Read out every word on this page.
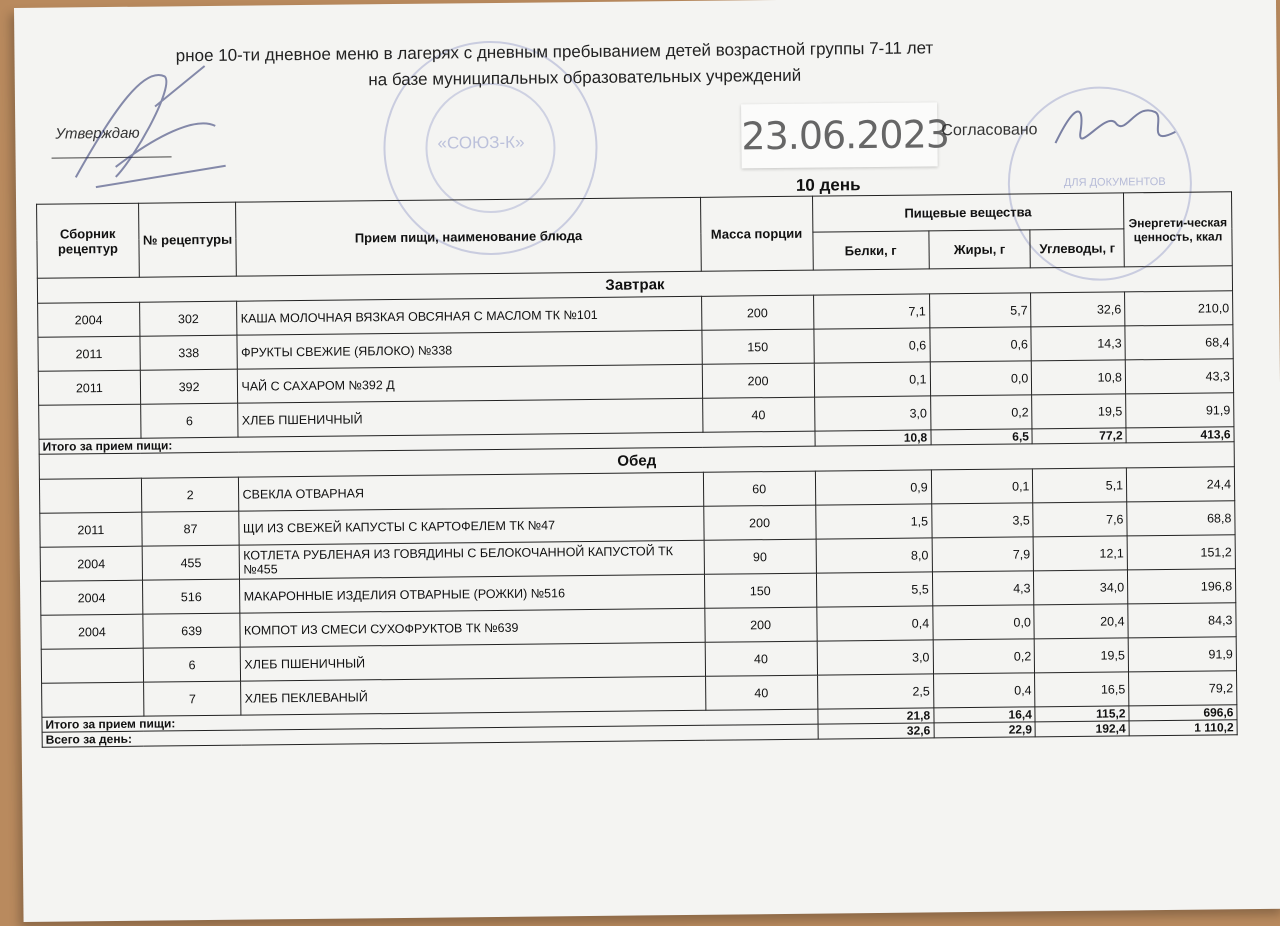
«СОЮЗ-К»
ДЛЯ ДОКУМЕНТОВ
рное 10-ти дневное меню в лагерях с дневным пребыванием детей возрастной группы 7-11 лет
на базе муниципальных образовательных учреждений
Утверждаю	23.06.2023
Согласовано
10 день
Сборник рецептур	№ рецептуры	Прием пищи, наименование блюда	Масса порции	Пищевые вещества			Энергети-ческая ценность, ккал
				Белки, г	Жиры, г	Углеводы, г	
Завтрак							
2004	302	КАША МОЛОЧНАЯ ВЯЗКАЯ ОВСЯНАЯ С МАСЛОМ ТК №101	200	7,1	5,7	32,6	210,0
2011	338	ФРУКТЫ СВЕЖИЕ (ЯБЛОКО) №338	150	0,6	0,6	14,3	68,4
2011	392	ЧАЙ С САХАРОМ №392 Д	200	0,1	0,0	10,8	43,3
	6	ХЛЕБ ПШЕНИЧНЫЙ	40	3,0	0,2	19,5	91,9
Итого за прием пищи:				10,8	6,5	77,2	413,6
Обед							
	2	СВЕКЛА ОТВАРНАЯ	60	0,9	0,1	5,1	24,4
2011	87	ЩИ ИЗ СВЕЖЕЙ КАПУСТЫ С КАРТОФЕЛЕМ ТК №47	200	1,5	3,5	7,6	68,8
2004	455	КОТЛЕТА РУБЛЕНАЯ ИЗ ГОВЯДИНЫ С БЕЛОКОЧАННОЙ КАПУСТОЙ ТК №455	90	8,0	7,9	12,1	151,2
2004	516	МАКАРОННЫЕ ИЗДЕЛИЯ ОТВАРНЫЕ (РОЖКИ) №516	150	5,5	4,3	34,0	196,8
2004	639	КОМПОТ ИЗ СМЕСИ СУХОФРУКТОВ ТК №639	200	0,4	0,0	20,4	84,3
	6	ХЛЕБ ПШЕНИЧНЫЙ	40	3,0	0,2	19,5	91,9
	7	ХЛЕБ ПЕКЛЕВАНЫЙ	40	2,5	0,4	16,5	79,2
Итого за прием пищи:				21,8	16,4	115,2	696,6
Всего за день:				32,6	22,9	192,4	1 110,2
